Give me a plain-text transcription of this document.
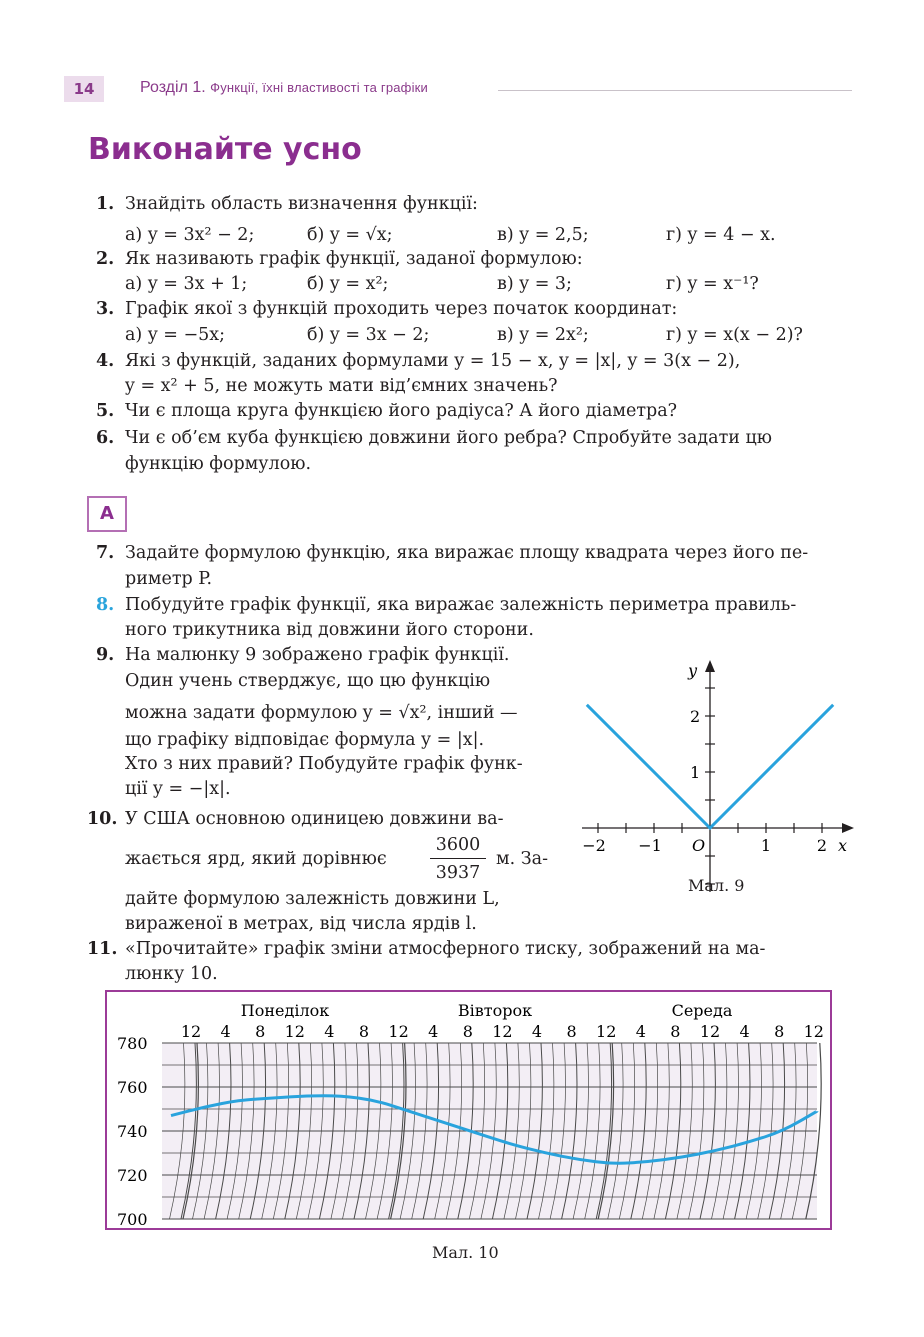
14	Розділ 1. Функції, їхні властивості та графіки
Виконайте усно
1. Знайдіть область визначення функції:
а) y = 3x² − 2;	б) y = √x;	в) y = 2,5;	г) y = 4 − x.
2. Як називають графік функції, заданої формулою:
а) y = 3x + 1;	б) y = x²;	в) y = 3;	г) y = x⁻¹?
3. Графік якої з функцій проходить через початок координат:
а) y = −5x;	б) y = 3x − 2;	в) y = 2x²;	г) y = x(x − 2)?
4. Які з функцій, заданих формулами y = 15 − x, y = |x|, y = 3(x − 2),
y = x² + 5, не можуть мати від’ємних значень?
5. Чи є площа круга функцією його радіуса? А його діаметра?
6. Чи є об’єм куба функцією довжини його ребра? Спробуйте задати цю
функцію формулою.
А
7. Задайте формулою функцію, яка виражає площу квадрата через його пе-
риметр P.
8. Побудуйте графік функції, яка виражає залежність периметра правиль-
ного трикутника від довжини його сторони.
9. На малюнку 9 зображено графік функції.
Один учень стверджує, що цю функцію
можна задати формулою y = √x², інший —
що графіку відповідає формула y = |x|.
Хто з них правий? Побудуйте графік функ-
ції y = −|x|.
10. У США основною одиницею довжини ва-
жається ярд, який дорівнює $\frac{3600}{3937} м$. За-
дайте формулою залежність довжини L,
вираженої в метрах, від числа ярдів l.
11. «Прочитайте» графік зміни атмосферного тиску, зображений на ма-
люнку 10.
x
y
O
−2 −1	1	2
1
2
Мал. 9
Понеділок	Вівторок	Середа
12 4 8 12 4 8 12 4 8 12 4 8 12 4 8 12 4 8 12
780
760
740
720
700
Мал. 10
